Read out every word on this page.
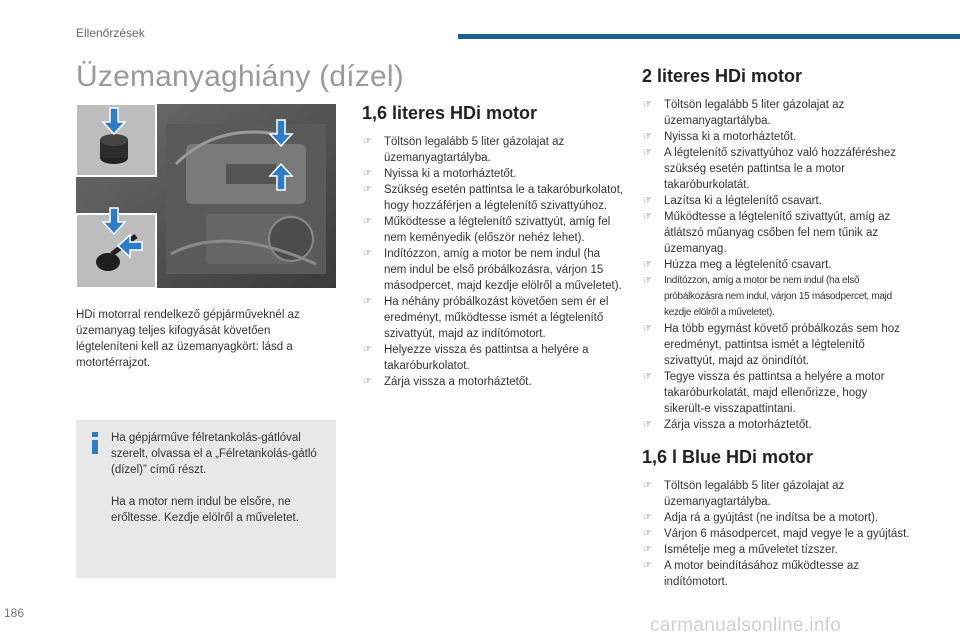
Ellenőrzések
Üzemanyaghiány (dízel)

HDi motorral rendelkező gépjárműveknél az üzemanyag teljes kifogyását követően légteleníteni kell az üzemanyagkört: lásd a motortérrajzot.

Ha gépjárműve félretankolás-gátlóval szerelt, olvassa el a „Félretankolás-gátló (dízel)” című részt.

Ha a motor nem indul be elsőre, ne erőltesse. Kezdje elölről a műveletet.

1,6 literes HDi motor
☞ Töltsön legalább 5 liter gázolajat az üzemanyagtartályba.
☞ Nyissa ki a motorháztetőt.
☞ Szükség esetén pattintsa le a takaróburkolatot, hogy hozzáférjen a légtelenítő szivattyúhoz.
☞ Működtesse a légtelenítő szivattyút, amíg fel nem keményedik (először nehéz lehet).
☞ Indítózzon, amíg a motor be nem indul (ha nem indul be első próbálkozásra, várjon 15 másodpercet, majd kezdje elölről a műveletet).
☞ Ha néhány próbálkozást követően sem ér el eredményt, működtesse ismét a légtelenítő szivattyút, majd az indítómotort.
☞ Helyezze vissza és pattintsa a helyére a takaróburkolatot.
☞ Zárja vissza a motorháztetőt.
2 literes HDi motor
☞ Töltsön legalább 5 liter gázolajat az üzemanyagtartályba.
☞ Nyissa ki a motorháztetőt.
☞ A légtelenítő szivattyúhoz való hozzáféréshez szükség esetén pattintsa le a motor takaróburkolatát.
☞ Lazítsa ki a légtelenítő csavart.
☞ Működtesse a légtelenítő szivattyút, amíg az átlátszó műanyag csőben fel nem tűnik az üzemanyag.
☞ Húzza meg a légtelenítő csavart.
☞ Indítózzon, amíg a motor be nem indul (ha első próbálkozásra nem indul, várjon 15 másodpercet, majd kezdje elölről a műveletet).
☞ Ha több egymást követő próbálkozás sem hoz eredményt, pattintsa ismét a légtelenítő szivattyút, majd az önindítót.
☞ Tegye vissza és pattintsa a helyére a motor takaróburkolatát, majd ellenőrizze, hogy sikerült-e visszapattintani.
☞ Zárja vissza a motorháztetőt.
1,6 l Blue HDi motor
☞ Töltsön legalább 5 liter gázolajat az üzemanyagtartályba.
☞ Adja rá a gyújtást (ne indítsa be a motort).
☞ Várjon 6 másodpercet, majd vegye le a gyújtást.
☞ Ismételje meg a műveletet tízszer.
☞ A motor beindításához működtesse az indítómotort.
186
carmanualsonline.info
